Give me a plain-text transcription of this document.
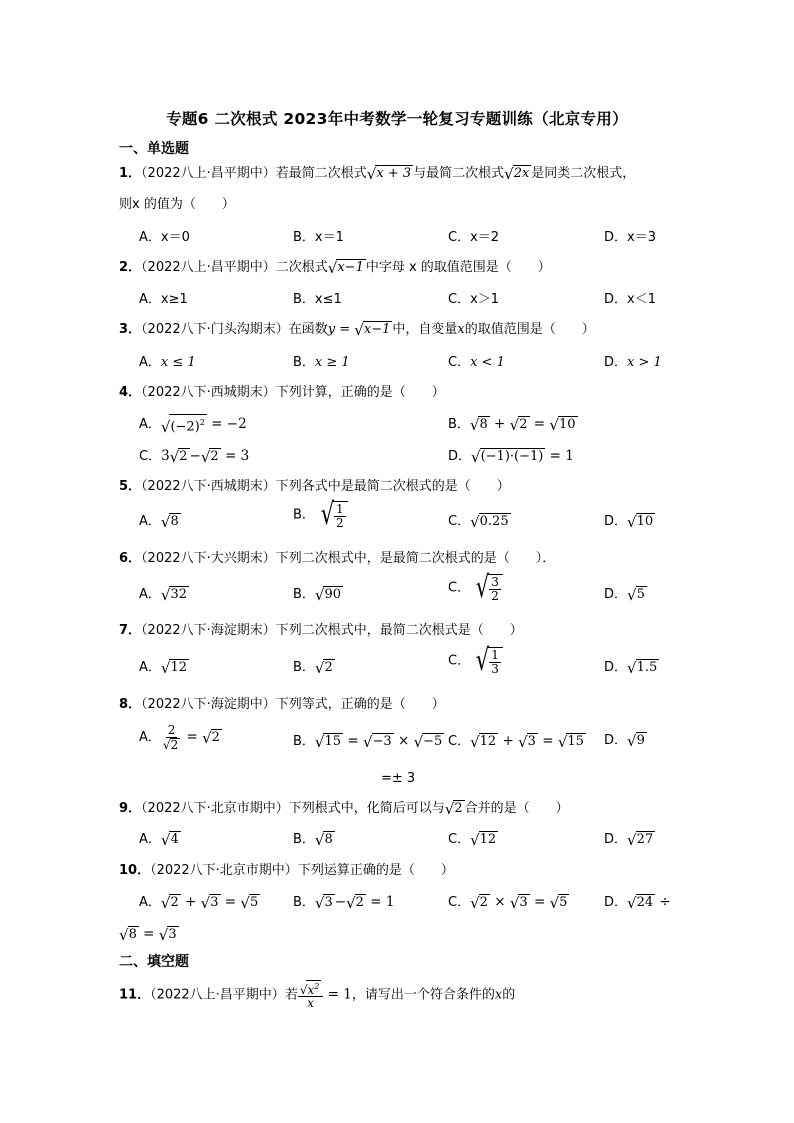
专题6 二次根式 2023年中考数学一轮复习专题训练（北京专用）
一、单选题
1．（2022八上·昌平期中）若最简二次根式 √ x + 3 与最简二次根式 √ 2x 是同类二次根式，
则x 的值为（　　）
A．x＝0	B．x＝1	C．x＝2	D．x＝3
2．（2022八上·昌平期中）二次根式 √ x−1 中字母 x 的取值范围是（　　）
A．x≥1	B．x≤1	C．x＞1	D．x＜1
3．（2022八下·门头沟期末）在函数y = √ x−1 中，自变量x的取值范围是（　　）
A．x ≤ 1	B．x ≥ 1	C．x < 1	D．x > 1
4．（2022八下·西城期末）下列计算，正确的是（　　）
A． √ $(-2)^2 = -2$	B． √ 8 + √ 2 = √ 10
C．3 √ 2 − √ 2 = 3	D． √ (−1)·(−1) = 1
5．（2022八下·西城期末）下列各式中是最简二次根式的是（　　）
A． √ 8	B． √ $\frac{1}{2}$	C． √ 0.25	D． √ 10
6．（2022八下·大兴期末）下列二次根式中，是最简二次根式的是（　　）．
A． √ 32	B． √ 90	C． √ $\frac{3}{2}$	D． √ 5
7．（2022八下·海淀期末）下列二次根式中，最简二次根式是（　　）
A． √ 12	B． √ 2	C． √ $\frac{1}{3}$	D． √ 1.5
8．（2022八下·海淀期中）下列等式，正确的是（　　）
A． $\frac{2}{√ 2}$ = √ 2	B． √ 15 = √ −3 × √ −5 C． √ 12 + √ 3 = √ 15 D． √ 9
=± 3
9．（2022八下·北京市期中）下列根式中，化简后可以与 √ 2 合并的是（　　）
A． √ 4	B． √ 8	C． √ 12	D． √ 27
10．（2022八下·北京市期中）下列运算正确的是（　　）
A． √ 2 + √ 3 = √ 5	B． √ 3 − √ 2 = 1	C． √ 2 × √ 3 = √ 5	D． √ 24 ÷
√ 8 = √ 3
二、填空题
11．（2022八上·昌平期中）若 $\frac{√ x^2}{x} = 1$，请写出一个符合条件的x的
